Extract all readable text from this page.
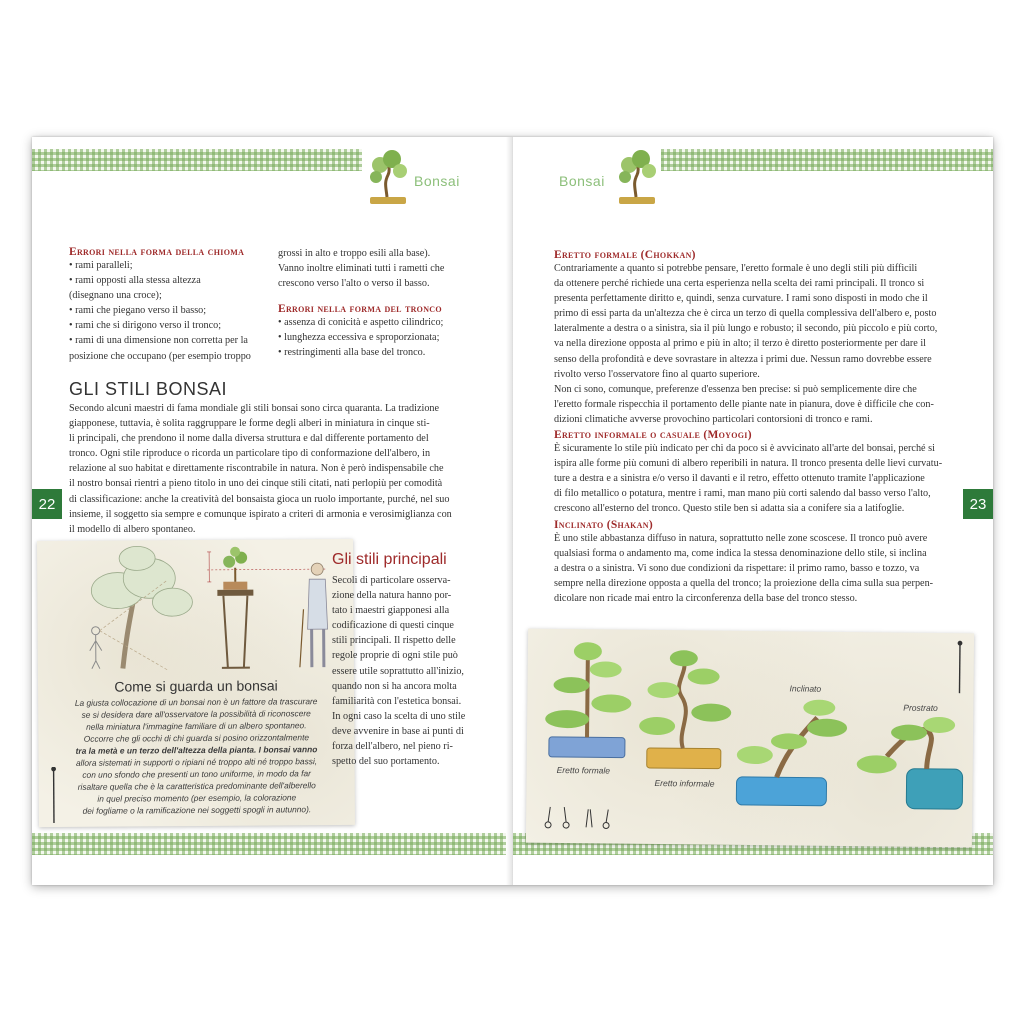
Bonsai
Errori nella forma della chioma
• rami paralleli;
• rami opposti alla stessa altezza
(disegnano una croce);
• rami che piegano verso il basso;
• rami che si dirigono verso il tronco;
• rami di una dimensione non corretta per la
posizione che occupano (per esempio troppo
grossi in alto e troppo esili alla base).
Vanno inoltre eliminati tutti i rametti che
crescono verso l'alto o verso il basso.
Errori nella forma del tronco
• assenza di conicità e aspetto cilindrico;
• lunghezza eccessiva e sproporzionata;
• restringimenti alla base del tronco.
GLI STILI BONSAI
Secondo alcuni maestri di fama mondiale gli stili bonsai sono circa quaranta. La tradizione
giapponese, tuttavia, è solita raggruppare le forme degli alberi in miniatura in cinque sti-
li principali, che prendono il nome dalla diversa struttura e dal differente portamento del
tronco. Ogni stile riproduce o ricorda un particolare tipo di conformazione dell'albero, in
relazione al suo habitat e direttamente riscontrabile in natura. Non è però indispensabile che
il nostro bonsai rientri a pieno titolo in uno dei cinque stili citati, nati perlopiù per comodità
di classificazione: anche la creatività del bonsaista gioca un ruolo importante, purché, nel suo
insieme, il soggetto sia sempre e comunque ispirato a criteri di armonia e verosimiglianza con
il modello di albero spontaneo.
22
Come si guarda un bonsai
La giusta collocazione di un bonsai non è un fattore da trascurare
se si desidera dare all'osservatore la possibilità di riconoscere
nella miniatura l'immagine familiare di un albero spontaneo.
Occorre che gli occhi di chi guarda si posino orizzontalmente
tra la metà e un terzo dell'altezza della pianta. I bonsai vanno
allora sistemati in supporti o ripiani né troppo alti né troppo bassi,
con uno sfondo che presenti un tono uniforme, in modo da far
risaltare quella che è la caratteristica predominante dell'alberello
in quel preciso momento (per esempio, la colorazione
dei fogliame o la ramificazione nei soggetti spogli in autunno).
Gli stili principali
Secoli di particolare osserva-
zione della natura hanno por-
tato i maestri giapponesi alla
codificazione di questi cinque
stili principali. Il rispetto delle
regole proprie di ogni stile può
essere utile soprattutto all'inizio,
quando non si ha ancora molta
familiarità con l'estetica bonsai.
In ogni caso la scelta di uno stile
deve avvenire in base ai punti di
forza dell'albero, nel pieno ri-
spetto del suo portamento.
Bonsai
Eretto formale (Chokkan)
Contrariamente a quanto si potrebbe pensare, l'eretto formale è uno degli stili più difficili
da ottenere perché richiede una certa esperienza nella scelta dei rami principali. Il tronco si
presenta perfettamente diritto e, quindi, senza curvature. I rami sono disposti in modo che il
primo di essi parta da un'altezza che è circa un terzo di quella complessiva dell'albero e, posto
lateralmente a destra o a sinistra, sia il più lungo e robusto; il secondo, più piccolo e più corto,
va nella direzione opposta al primo e più in alto; il terzo è diretto posteriormente per dare il
senso della profondità e deve sovrastare in altezza i primi due. Nessun ramo dovrebbe essere
rivolto verso l'osservatore fino al quarto superiore.
Non ci sono, comunque, preferenze d'essenza ben precise: si può semplicemente dire che
l'eretto formale rispecchia il portamento delle piante nate in pianura, dove è difficile che con-
dizioni climatiche avverse provochino particolari contorsioni di tronco e rami.
Eretto informale o casuale (Moyogi)
È sicuramente lo stile più indicato per chi da poco si è avvicinato all'arte del bonsai, perché si
ispira alle forme più comuni di albero reperibili in natura. Il tronco presenta delle lievi curvatu-
ture a destra e a sinistra e/o verso il davanti e il retro, effetto ottenuto tramite l'applicazione
di filo metallico o potatura, mentre i rami, man mano più corti salendo dal basso verso l'alto,
crescono all'esterno del tronco. Questo stile ben si adatta sia a conifere sia a latifoglie.
Inclinato (Shakan)
È uno stile abbastanza diffuso in natura, soprattutto nelle zone scoscese. Il tronco può avere
qualsiasi forma o andamento ma, come indica la stessa denominazione dello stile, si inclina
a destra o a sinistra. Vi sono due condizioni da rispettare: il primo ramo, basso e tozzo, va
sempre nella direzione opposta a quella del tronco; la proiezione della cima sulla sua perpen-
dicolare non ricade mai entro la circonferenza della base del tronco stesso.
23
Eretto formale
Eretto informale
Inclinato
Prostrato
